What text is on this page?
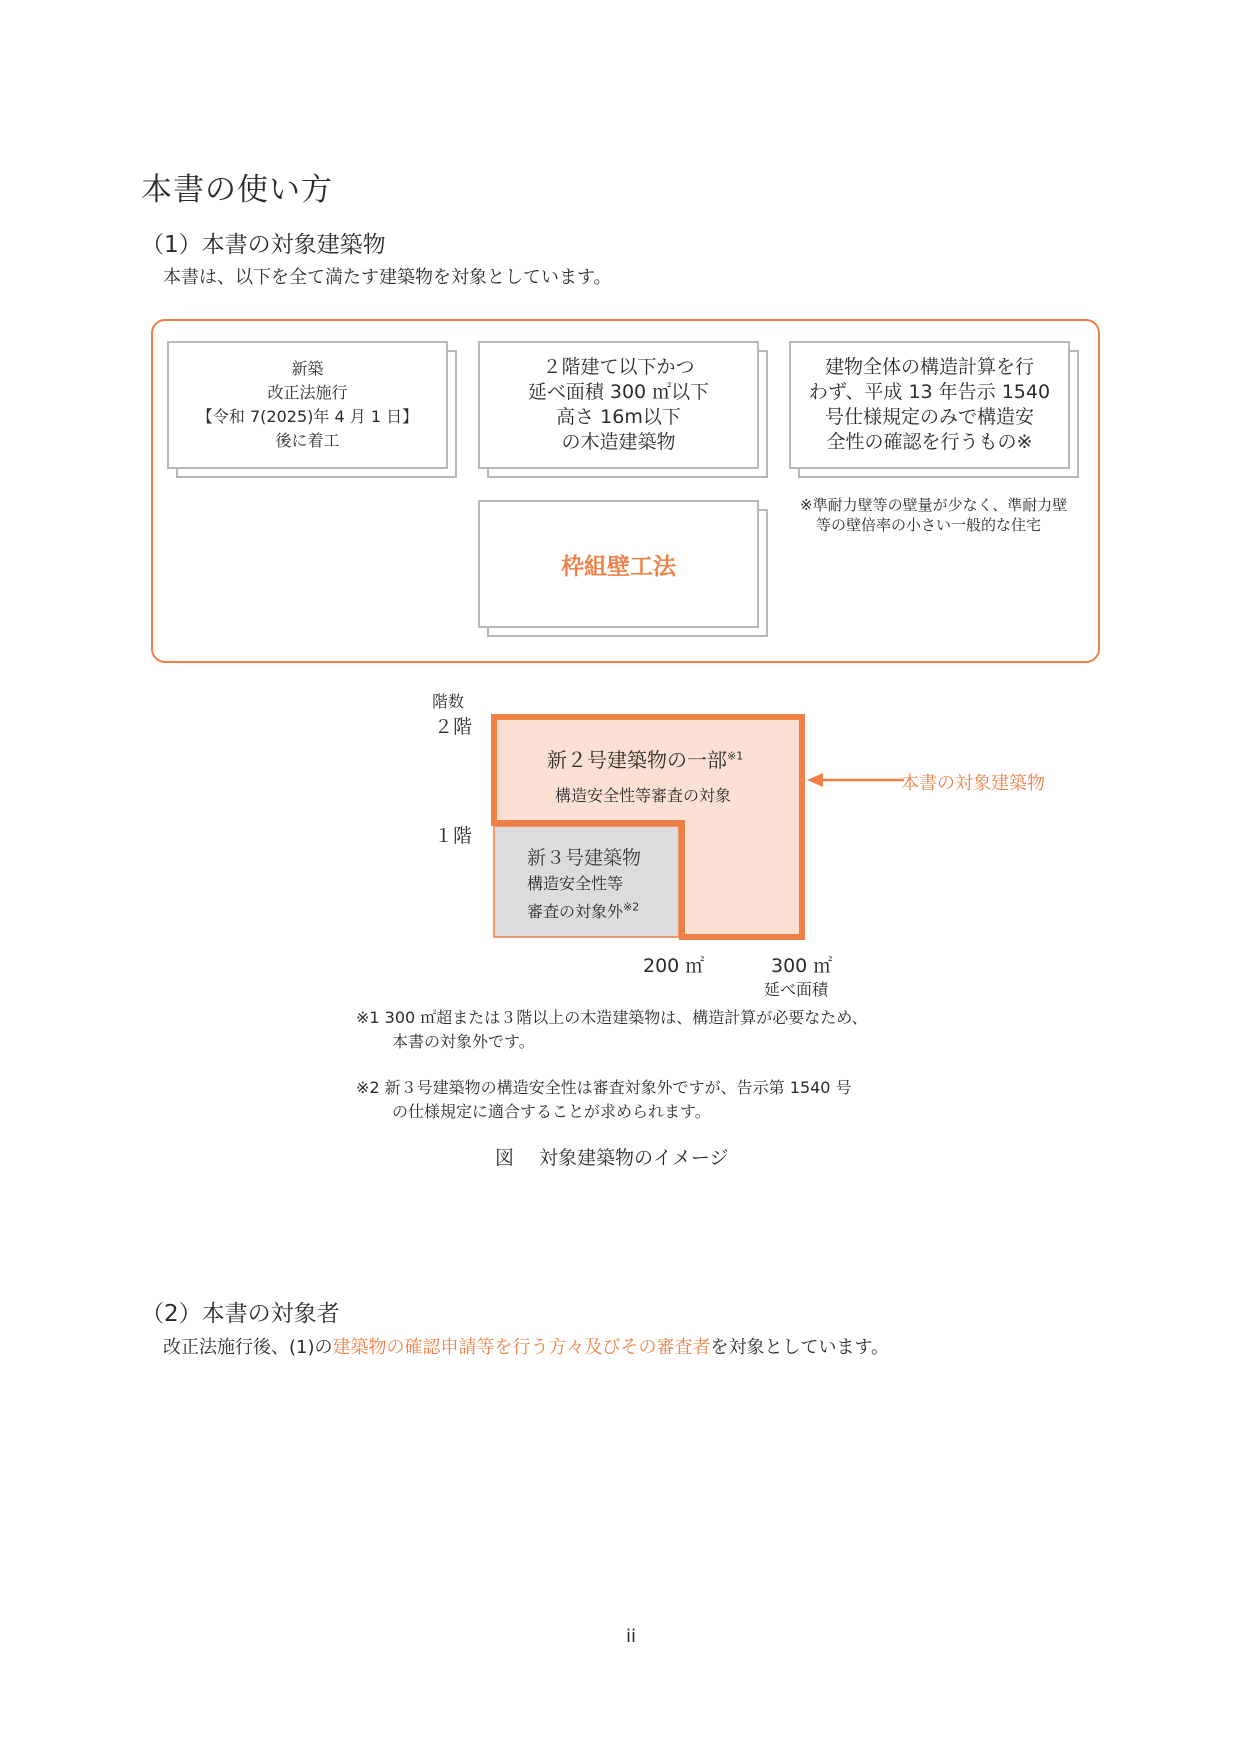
本書の使い方
（1）本書の対象建築物
本書は、以下を全て満たす建築物を対象としています。
新築
改正法施行
【令和 7(2025)年 4 月 1 日】
後に着工
２階建て以下かつ
延べ面積 300 ㎡以下
高さ 16m以下
の木造建築物
建物全体の構造計算を行
わず、平成 13 年告示 1540
号仕様規定のみで構造安
全性の確認を行うもの※
※準耐力壁等の壁量が少なく、準耐力壁
等の壁倍率の小さい一般的な住宅
枠組壁工法
階数
２階
１階
新２号建築物の一部$^{※1}$
構造安全性等審査の対象
新３号建築物
構造安全性等
審査の対象外$^{※2}$
本書の対象建築物
200 ㎡	300 ㎡
延べ面積
※1 300 ㎡超または３階以上の木造建築物は、構造計算が必要なため、
本書の対象外です。
※2 新３号建築物の構造安全性は審査対象外ですが、告示第 1540 号
の仕様規定に適合することが求められます。
図　 対象建築物のイメージ
（2）本書の対象者
改正法施行後、(1)の建築物の確認申請等を行う方々及びその審査者を対象としています。
ii
